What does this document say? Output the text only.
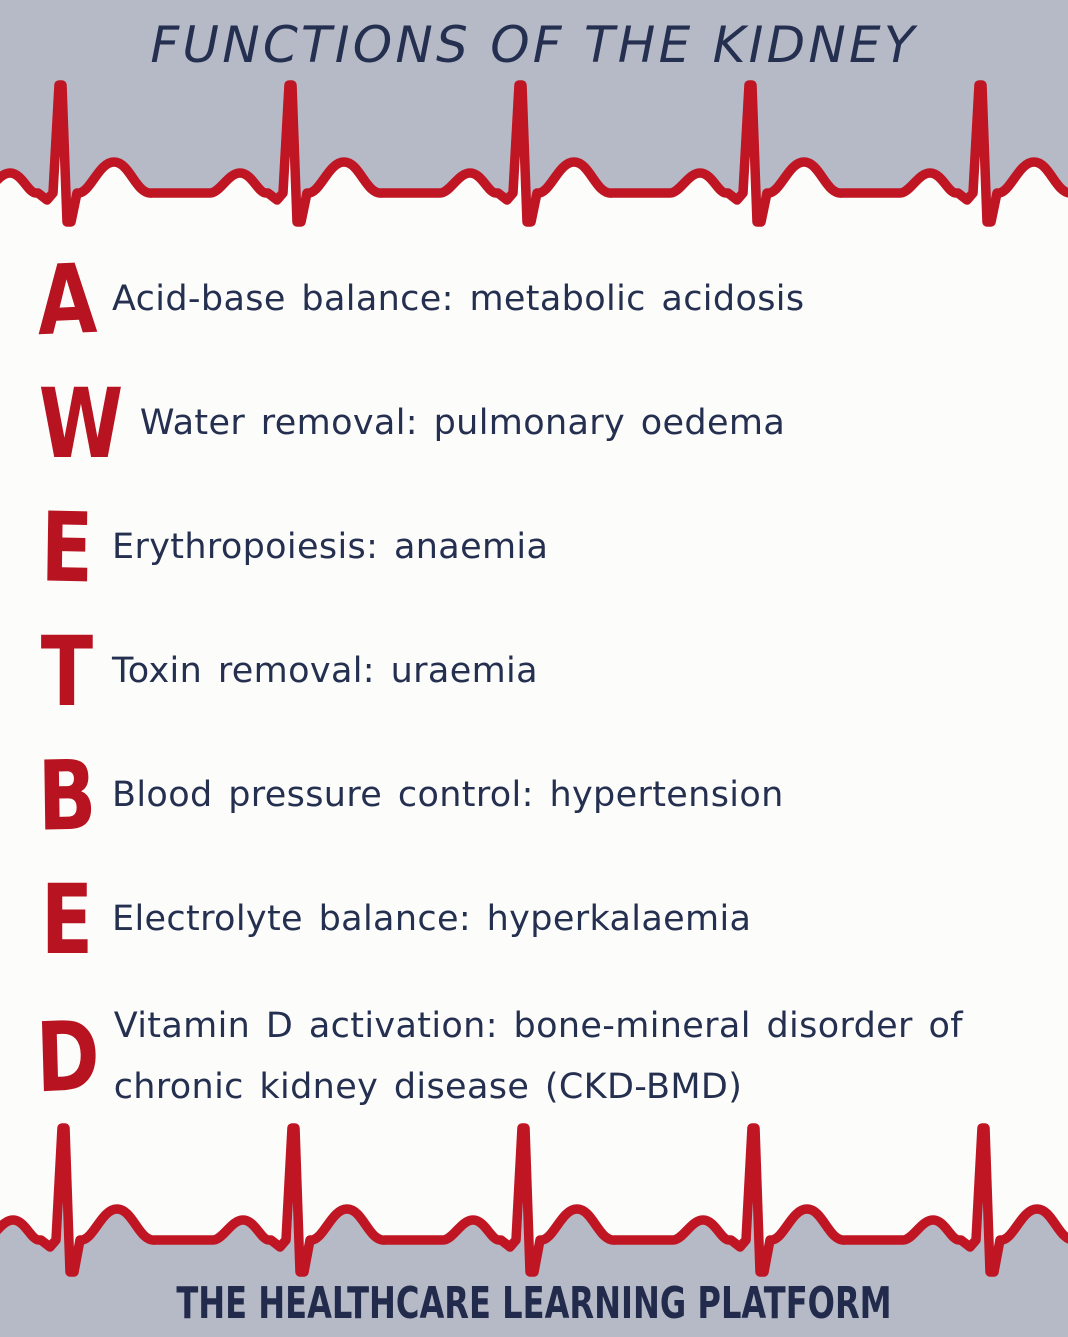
FUNCTIONS OF THE KIDNEY
A Acid-base balance: metabolic acidosis
W Water removal: pulmonary oedema
E Erythropoiesis: anaemia
T Toxin removal: uraemia
B Blood pressure control: hypertension
E Electrolyte balance: hyperkalaemia
D Vitamin D activation: bone-mineral disorder of chronic kidney disease (CKD-BMD)
THE HEALTHCARE LEARNING PLATFORM
